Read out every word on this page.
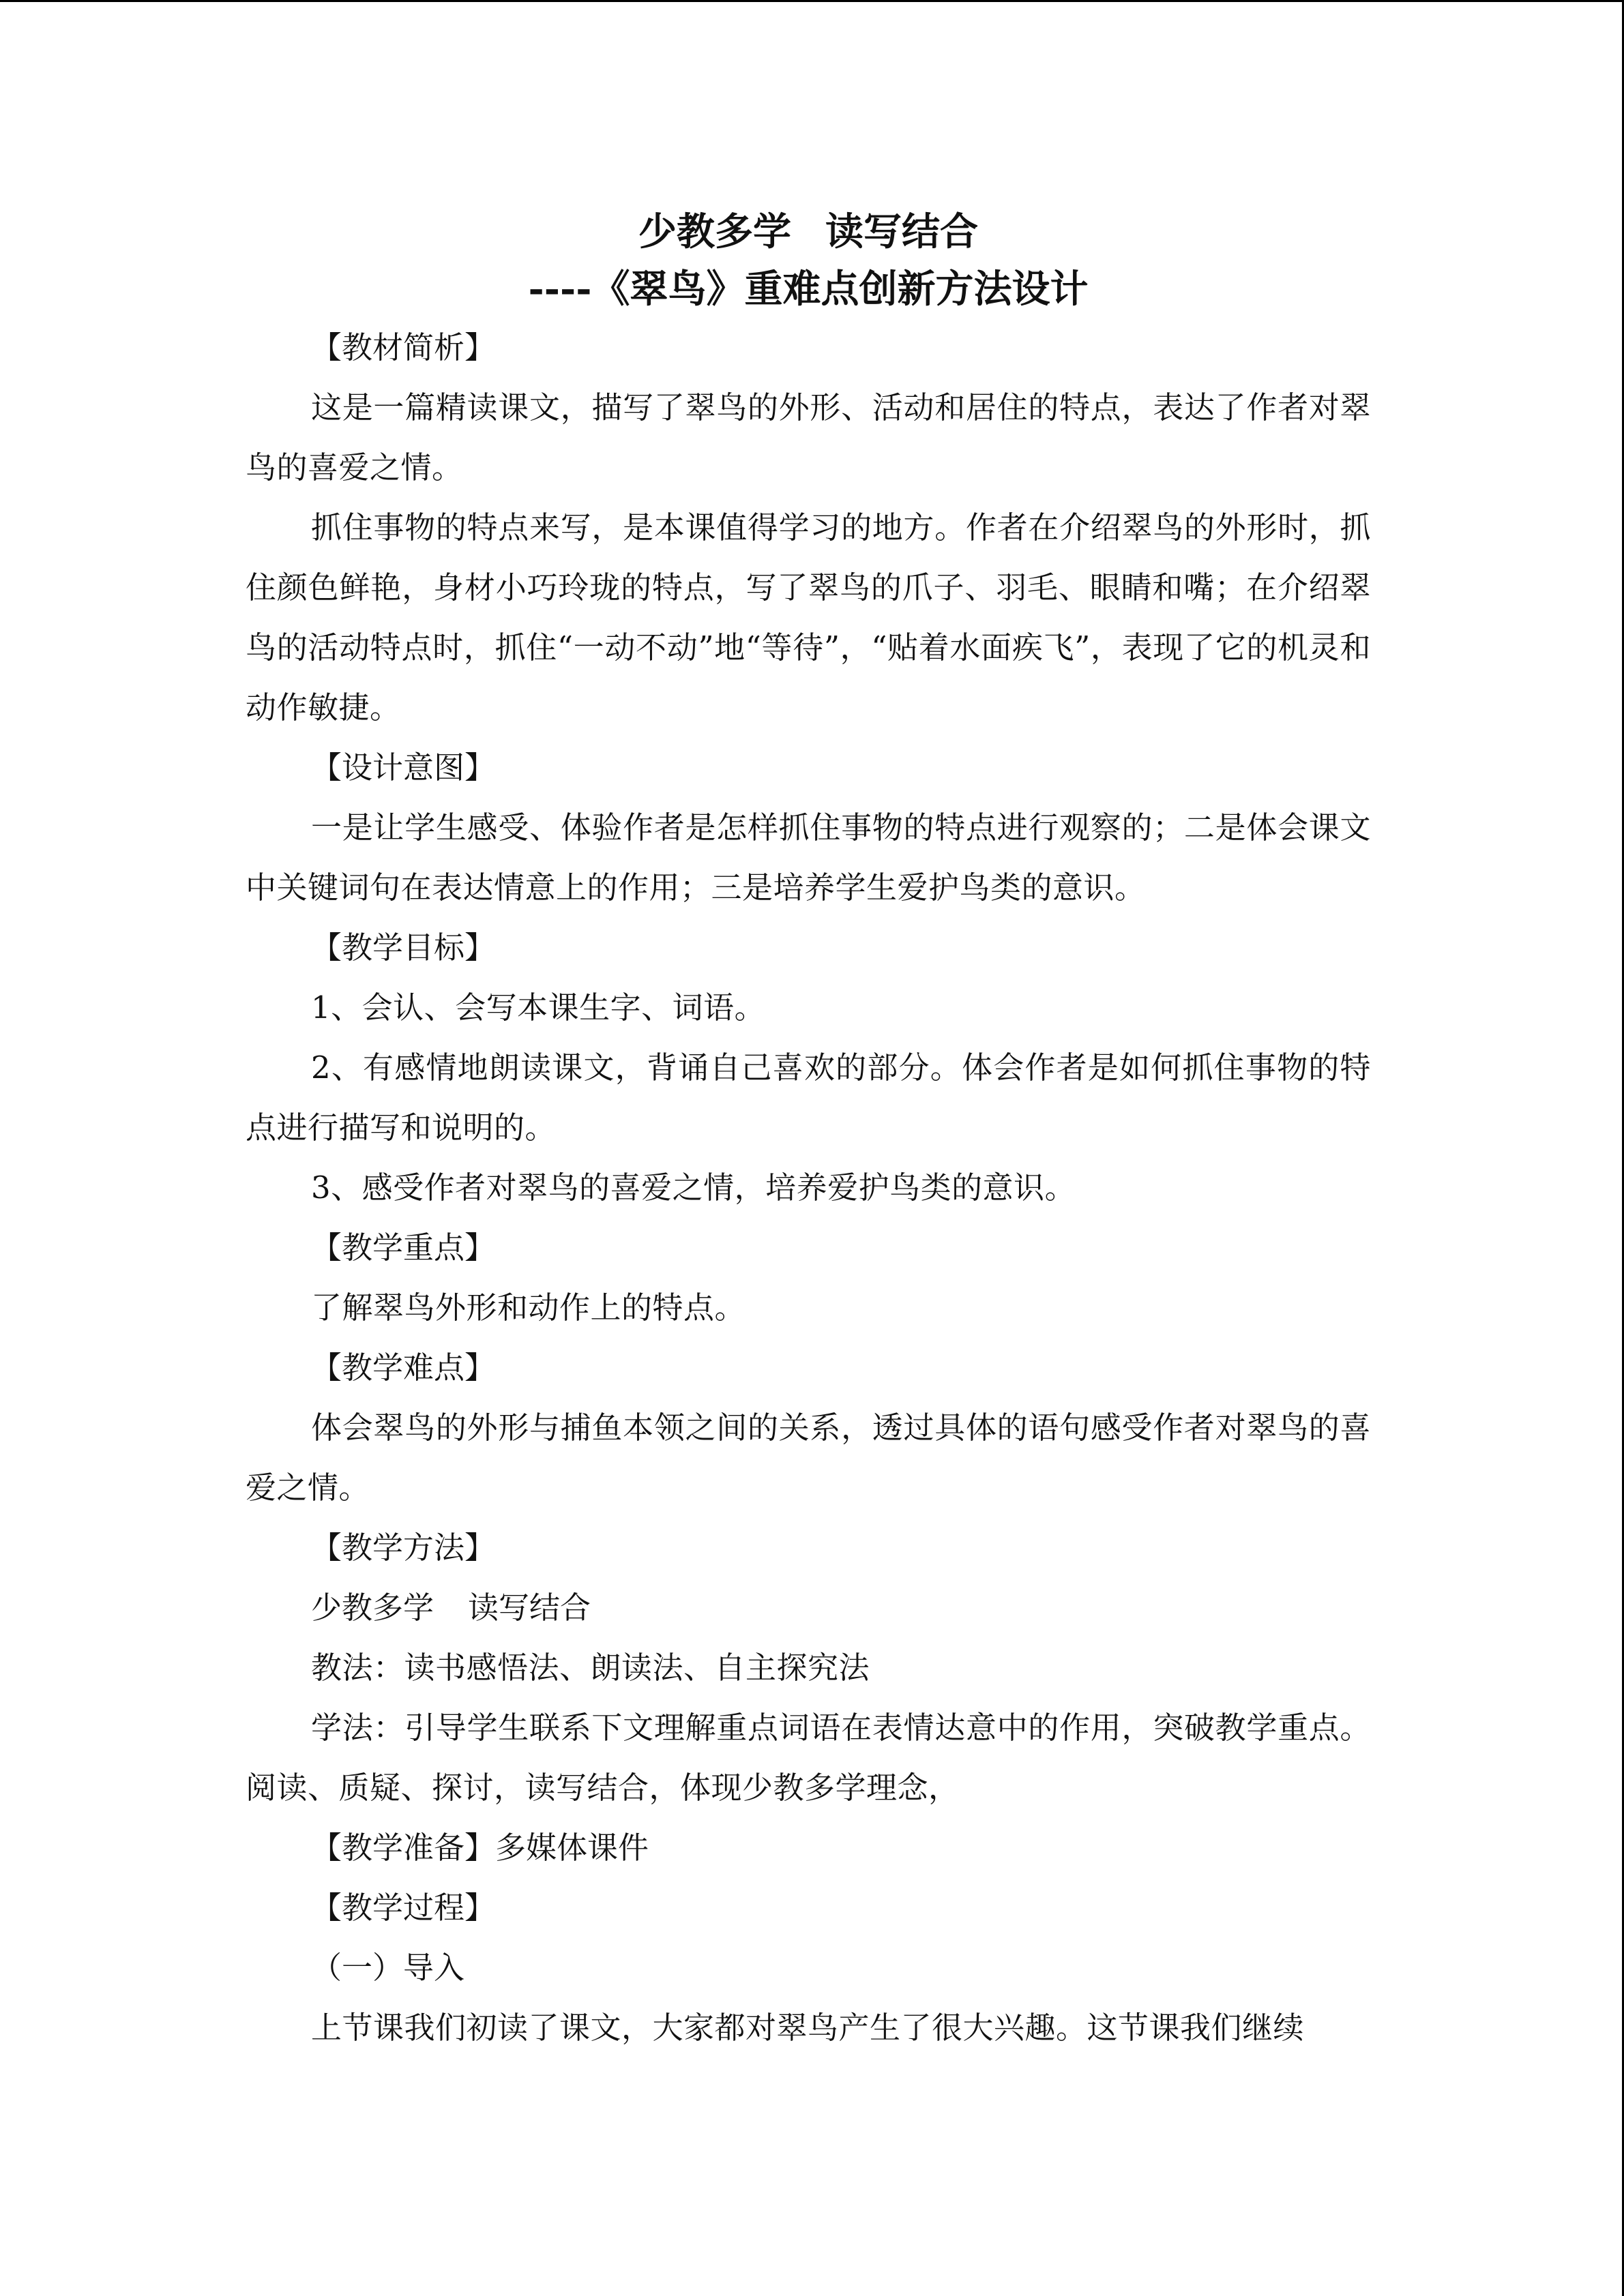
少教多学 读写结合

----《翠鸟》重难点创新方法设计

【教材简析】

这是一篇精读课文，描写了翠鸟的外形、活动和居住的特点，表达了作者对翠鸟的喜爱之情。

抓住事物的特点来写，是本课值得学习的地方。作者在介绍翠鸟的外形时，抓住颜色鲜艳，身材小巧玲珑的特点，写了翠鸟的爪子、羽毛、眼睛和嘴；在介绍翠鸟的活动特点时，抓住“一动不动”地“等待”，“贴着水面疾飞”，表现了它的机灵和动作敏捷。

【设计意图】

一是让学生感受、体验作者是怎样抓住事物的特点进行观察的；二是体会课文中关键词句在表达情意上的作用；三是培养学生爱护鸟类的意识。

【教学目标】

1、会认、会写本课生字、词语。

2、有感情地朗读课文，背诵自己喜欢的部分。体会作者是如何抓住事物的特点进行描写和说明的。

3、感受作者对翠鸟的喜爱之情，培养爱护鸟类的意识。

【教学重点】

了解翠鸟外形和动作上的特点。

【教学难点】

体会翠鸟的外形与捕鱼本领之间的关系，透过具体的语句感受作者对翠鸟的喜爱之情。

【教学方法】

少教多学 读写结合

教法：读书感悟法、朗读法、自主探究法

学法：引导学生联系下文理解重点词语在表情达意中的作用，突破教学重点。阅读、质疑、探讨，读写结合，体现少教多学理念，

【教学准备】多媒体课件

【教学过程】

（一）导入

上节课我们初读了课文，大家都对翠鸟产生了很大兴趣。这节课我们继续
